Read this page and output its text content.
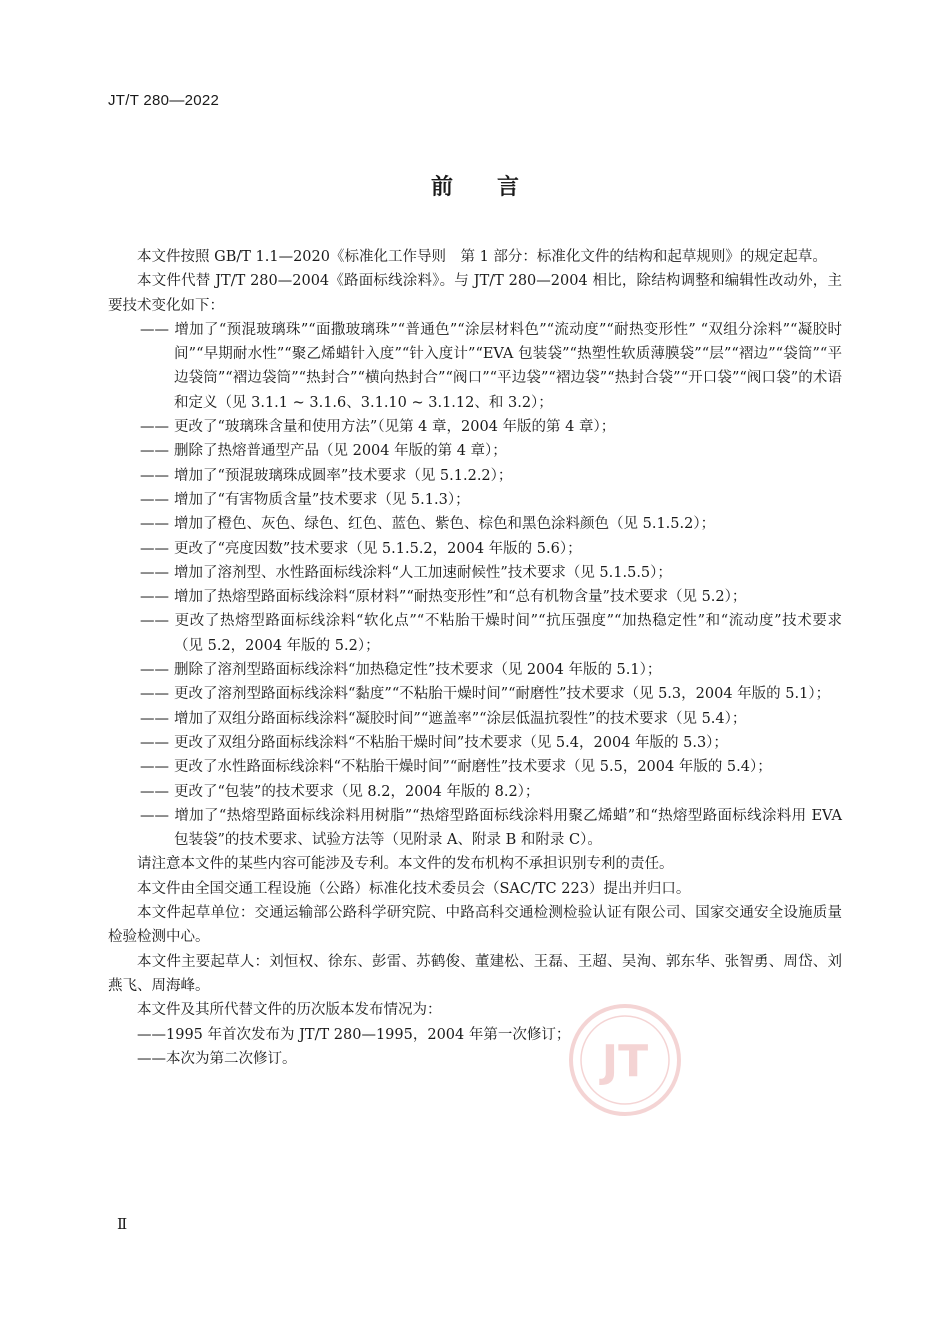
JT/T 280—2022
前言

本文件按照 GB/T 1.1—2020《标准化工作导则　第 1 部分：标准化文件的结构和起草规则》的规定起草。

本文件代替 JT/T 280—2004《路面标线涂料》。与 JT/T 280—2004 相比，除结构调整和编辑性改动外，主要技术变化如下：

—— 增加了“预混玻璃珠”“面撒玻璃珠”“普通色”“涂层材料色”“流动度”“耐热变形性” “双组分涂料”“凝胶时间”“早期耐水性”“聚乙烯蜡针入度”“针入度计”“EVA 包装袋”“热塑性软质薄膜袋”“层”“褶边”“袋筒”“平边袋筒”“褶边袋筒”“热封合”“横向热封合”“阀口”“平边袋”“褶边袋”“热封合袋”“开口袋”“阀口袋”的术语和定义（见 3.1.1 ~ 3.1.6、3.1.10 ~ 3.1.12、和 3.2）；

—— 更改了“玻璃珠含量和使用方法”（见第 4 章，2004 年版的第 4 章）；

—— 删除了热熔普通型产品（见 2004 年版的第 4 章）；

—— 增加了“预混玻璃珠成圆率”技术要求（见 5.1.2.2）；

—— 增加了“有害物质含量”技术要求（见 5.1.3）；

—— 增加了橙色、灰色、绿色、红色、蓝色、紫色、棕色和黑色涂料颜色（见 5.1.5.2）；

—— 更改了“亮度因数”技术要求（见 5.1.5.2，2004 年版的 5.6）；

—— 增加了溶剂型、水性路面标线涂料“人工加速耐候性”技术要求（见 5.1.5.5）；

—— 增加了热熔型路面标线涂料“原材料”“耐热变形性”和“总有机物含量”技术要求（见 5.2）；

—— 更改了热熔型路面标线涂料“软化点”“不粘胎干燥时间”“抗压强度”“加热稳定性”和“流动度”技术要求（见 5.2，2004 年版的 5.2）；

—— 删除了溶剂型路面标线涂料“加热稳定性”技术要求（见 2004 年版的 5.1）；

—— 更改了溶剂型路面标线涂料“黏度”“不粘胎干燥时间”“耐磨性”技术要求（见 5.3，2004 年版的 5.1）；

—— 增加了双组分路面标线涂料“凝胶时间”“遮盖率”“涂层低温抗裂性”的技术要求（见 5.4）；

—— 更改了双组分路面标线涂料“不粘胎干燥时间”技术要求（见 5.4，2004 年版的 5.3）；

—— 更改了水性路面标线涂料“不粘胎干燥时间”“耐磨性”技术要求（见 5.5，2004 年版的 5.4）；

—— 更改了“包装”的技术要求（见 8.2，2004 年版的 8.2）；

—— 增加了“热熔型路面标线涂料用树脂”“热熔型路面标线涂料用聚乙烯蜡”和“热熔型路面标线涂料用 EVA 包装袋”的技术要求、试验方法等（见附录 A、附录 B 和附录 C）。

请注意本文件的某些内容可能涉及专利。本文件的发布机构不承担识别专利的责任。

本文件由全国交通工程设施（公路）标准化技术委员会（SAC/TC 223）提出并归口。

本文件起草单位：交通运输部公路科学研究院、中路高科交通检测检验认证有限公司、国家交通安全设施质量检验检测中心。

本文件主要起草人：刘恒权、徐东、彭雷、苏鹤俊、董建松、王磊、王超、吴洵、郭东华、张智勇、周岱、刘燕飞、周海峰。

本文件及其所代替文件的历次版本发布情况为：

——1995 年首次发布为 JT/T 280—1995，2004 年第一次修订；

——本次为第二次修订。	JT
Ⅱ
